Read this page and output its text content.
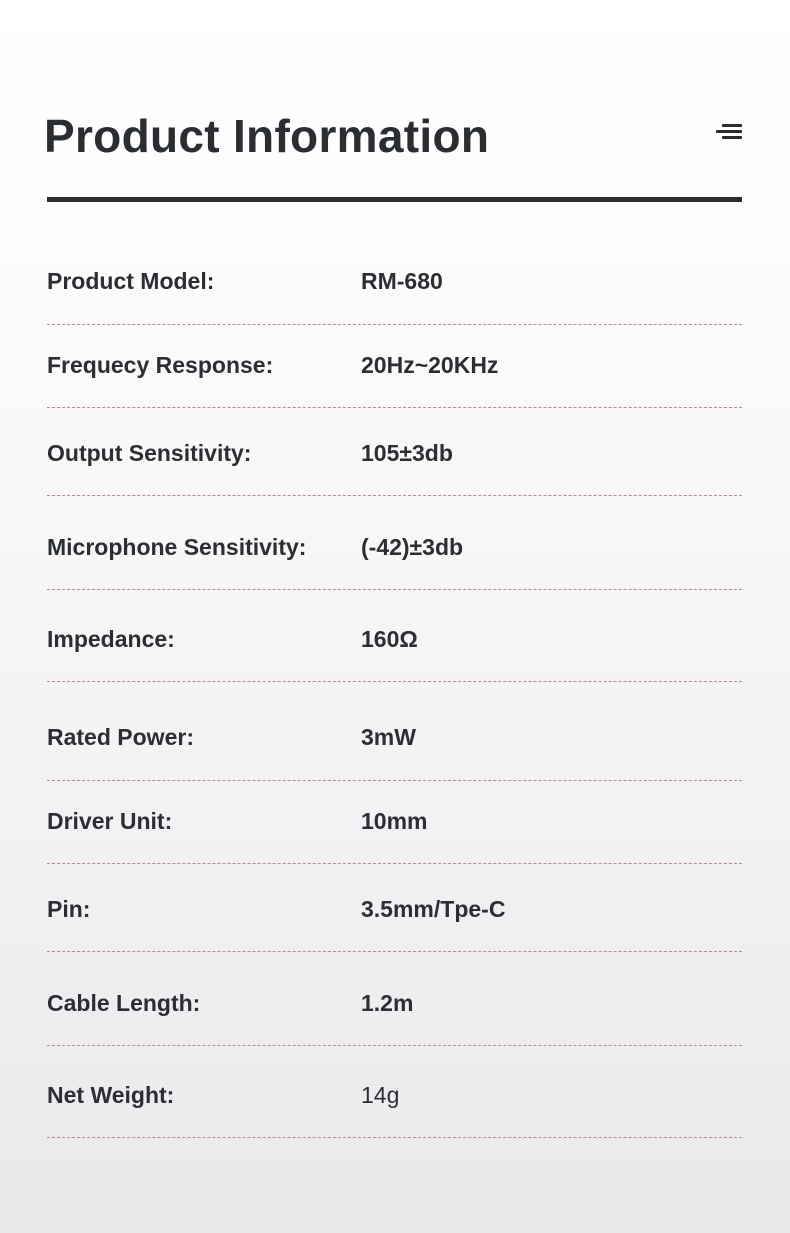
Product Information
Product Model:	RM-680
Frequecy Response:	20Hz~20KHz
Output Sensitivity:	105±3db
Microphone Sensitivity: (-42)±3db
Impedance:	160Ω
Rated Power:	3mW
Driver Unit:	10mm
Pin:	3.5mm/Tpe-C
Cable Length:	1.2m
Net Weight:	14g
